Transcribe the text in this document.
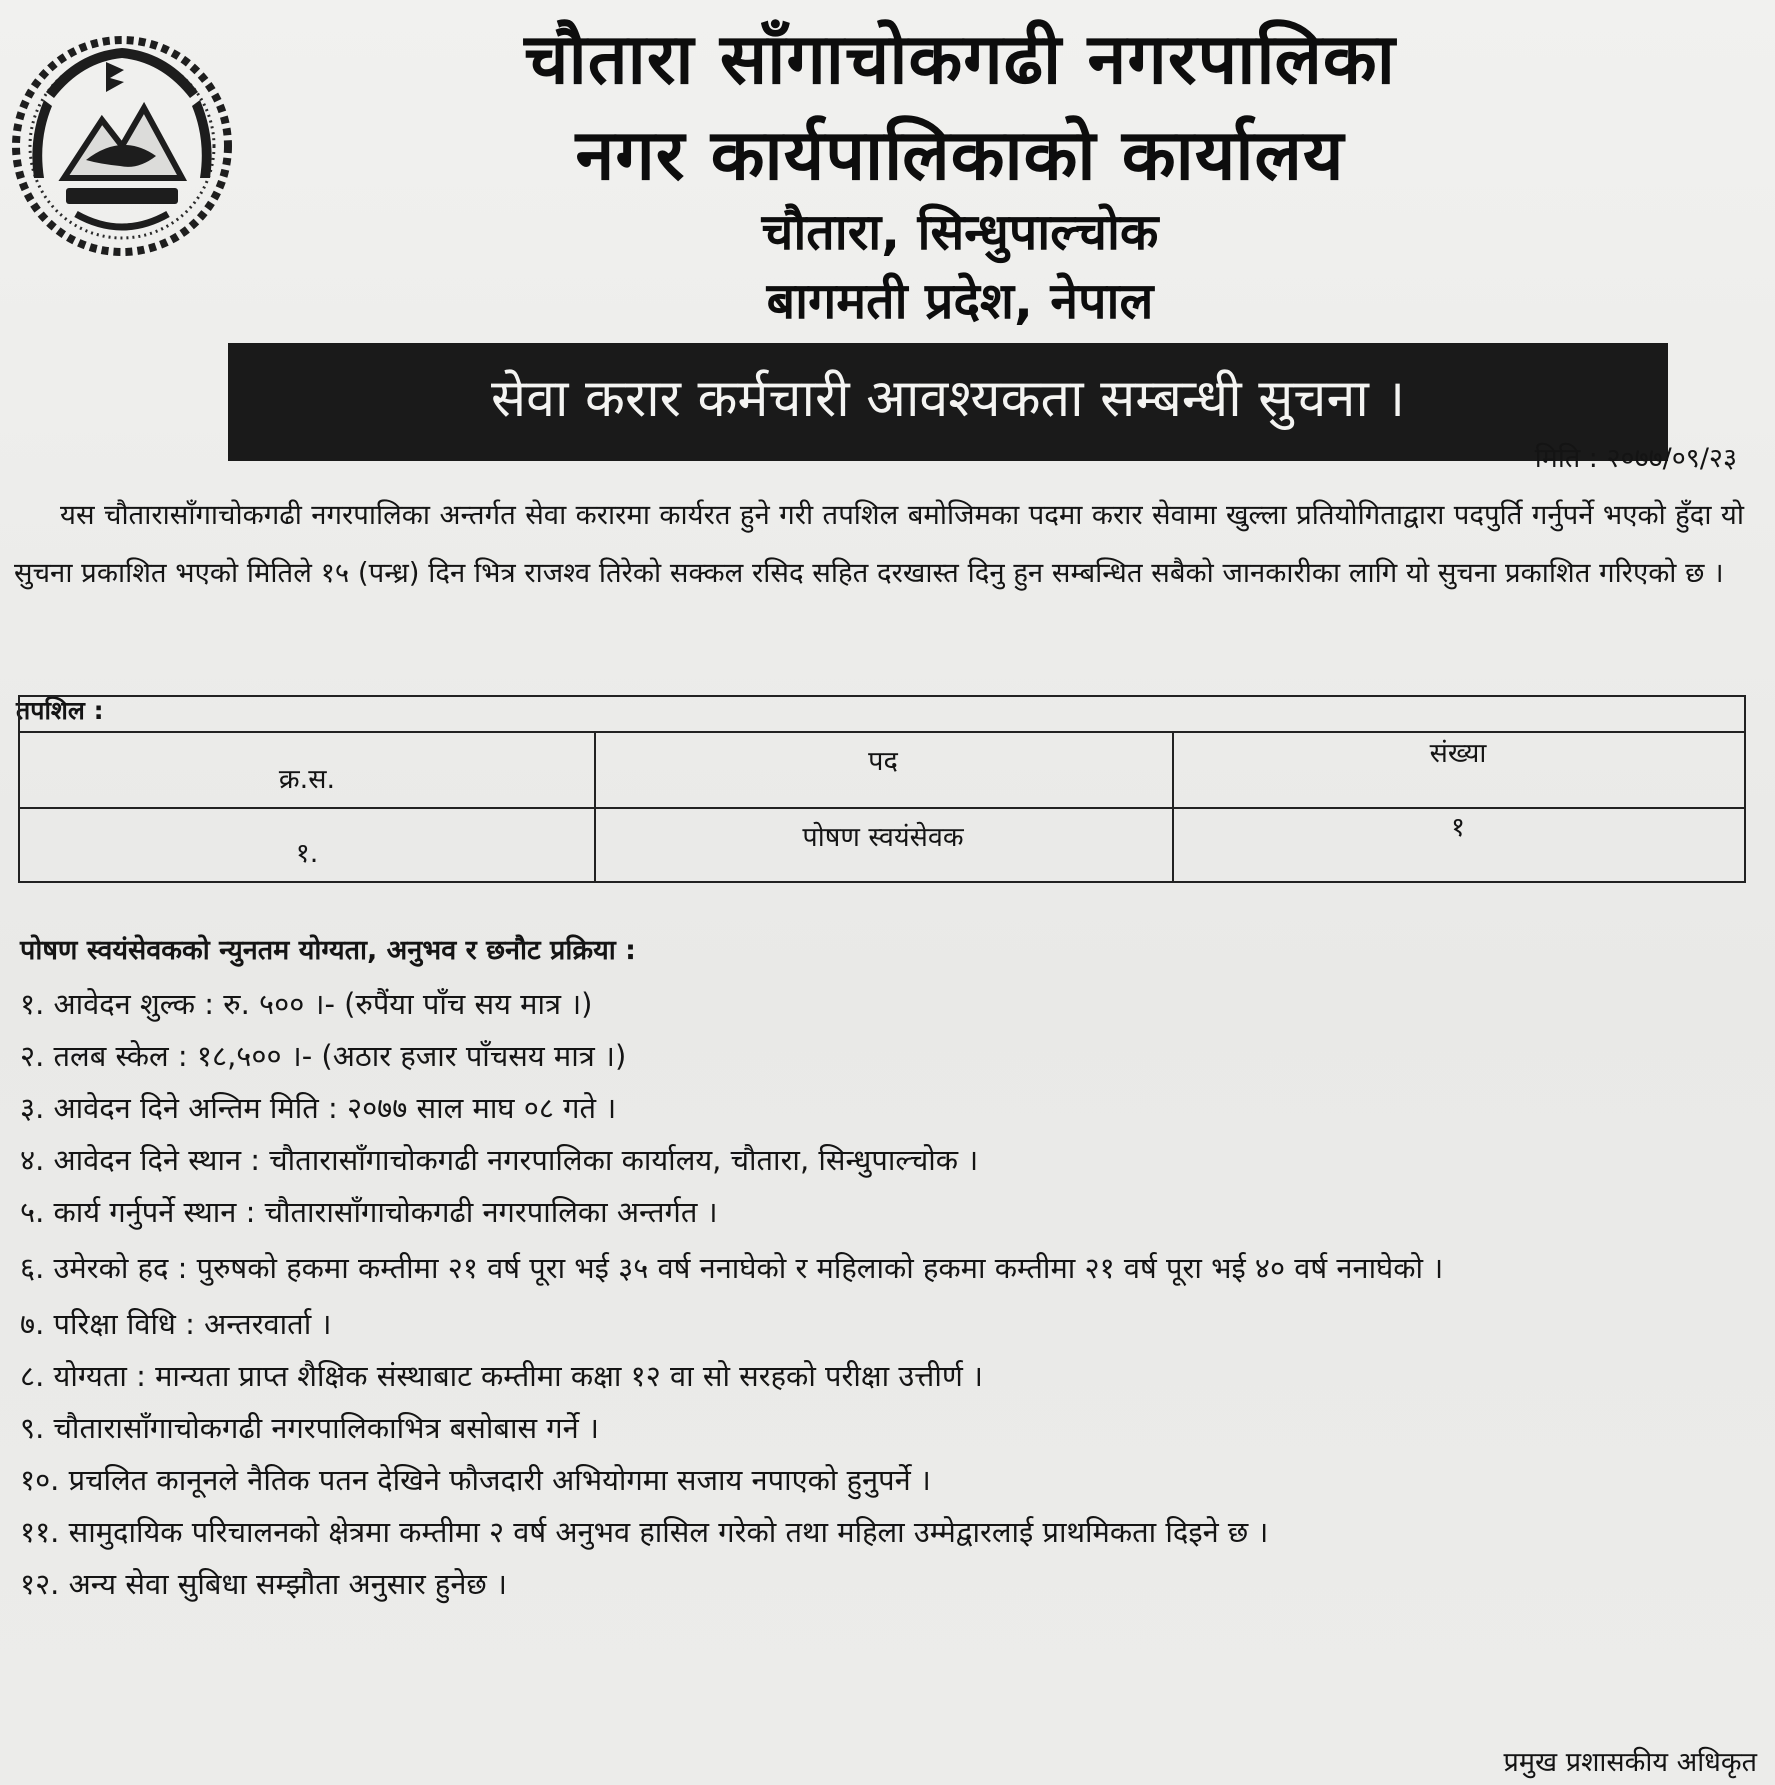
चौतारा साँगाचोकगढी नगरपालिका
नगर कार्यपालिकाको कार्यालय
चौतारा, सिन्धुपाल्चोक
बागमती प्रदेश, नेपाल
सेवा करार कर्मचारी आवश्यकता सम्बन्धी सुचना ।
मिति : २०७७/०९/२३
यस चौतारासाँगाचोकगढी नगरपालिका अन्तर्गत सेवा करारमा कार्यरत हुने गरी तपशिल बमोजिमका पदमा करार सेवामा खुल्ला प्रतियोगिताद्वारा पदपुर्ति गर्नुपर्ने भएको हुँदा यो सुचना प्रकाशित भएको मितिले १५ (पन्ध्र) दिन भित्र राजश्व तिरेको सक्कल रसिद सहित दरखास्त दिनु हुन सम्बन्धित सबैको जानकारीका लागि यो सुचना प्रकाशित गरिएको छ ।
तपशिल :
क्र.स.
पद	संख्या
१.
पोषण स्वयंसेवक	१
पोषण स्वयंसेवकको न्युनतम योग्यता, अनुभव र छनौट प्रक्रिया :
१. आवेदन शुल्क : रु. ५०० ।- (रुपैंया पाँच सय मात्र ।)
२. तलब स्केल : १८,५०० ।- (अठार हजार पाँचसय मात्र ।)
३. आवेदन दिने अन्तिम मिति : २०७७ साल माघ ०८ गते ।
४. आवेदन दिने स्थान : चौतारासाँगाचोकगढी नगरपालिका कार्यालय, चौतारा, सिन्धुपाल्चोक ।
५. कार्य गर्नुपर्ने स्थान : चौतारासाँगाचोकगढी नगरपालिका अन्तर्गत ।
६. उमेरको हद : पुरुषको हकमा कम्तीमा २१ वर्ष पूरा भई ३५ वर्ष ननाघेको र महिलाको हकमा कम्तीमा २१ वर्ष पूरा भई ४० वर्ष ननाघेको ।
७. परिक्षा विधि : अन्तरवार्ता ।
८. योग्यता : मान्यता प्राप्त शैक्षिक संस्थाबाट कम्तीमा कक्षा १२ वा सो सरहको परीक्षा उत्तीर्ण ।
९. चौतारासाँगाचोकगढी नगरपालिकाभित्र बसोबास गर्ने ।
१०. प्रचलित कानूनले नैतिक पतन देखिने फौजदारी अभियोगमा सजाय नपाएको हुनुपर्ने ।
११. सामुदायिक परिचालनको क्षेत्रमा कम्तीमा २ वर्ष अनुभव हासिल गरेको तथा महिला उम्मेद्वारलाई प्राथमिकता दिइने छ ।
१२. अन्य सेवा सुबिधा सम्झौता अनुसार हुनेछ ।
प्रमुख प्रशासकीय अधिकृत
